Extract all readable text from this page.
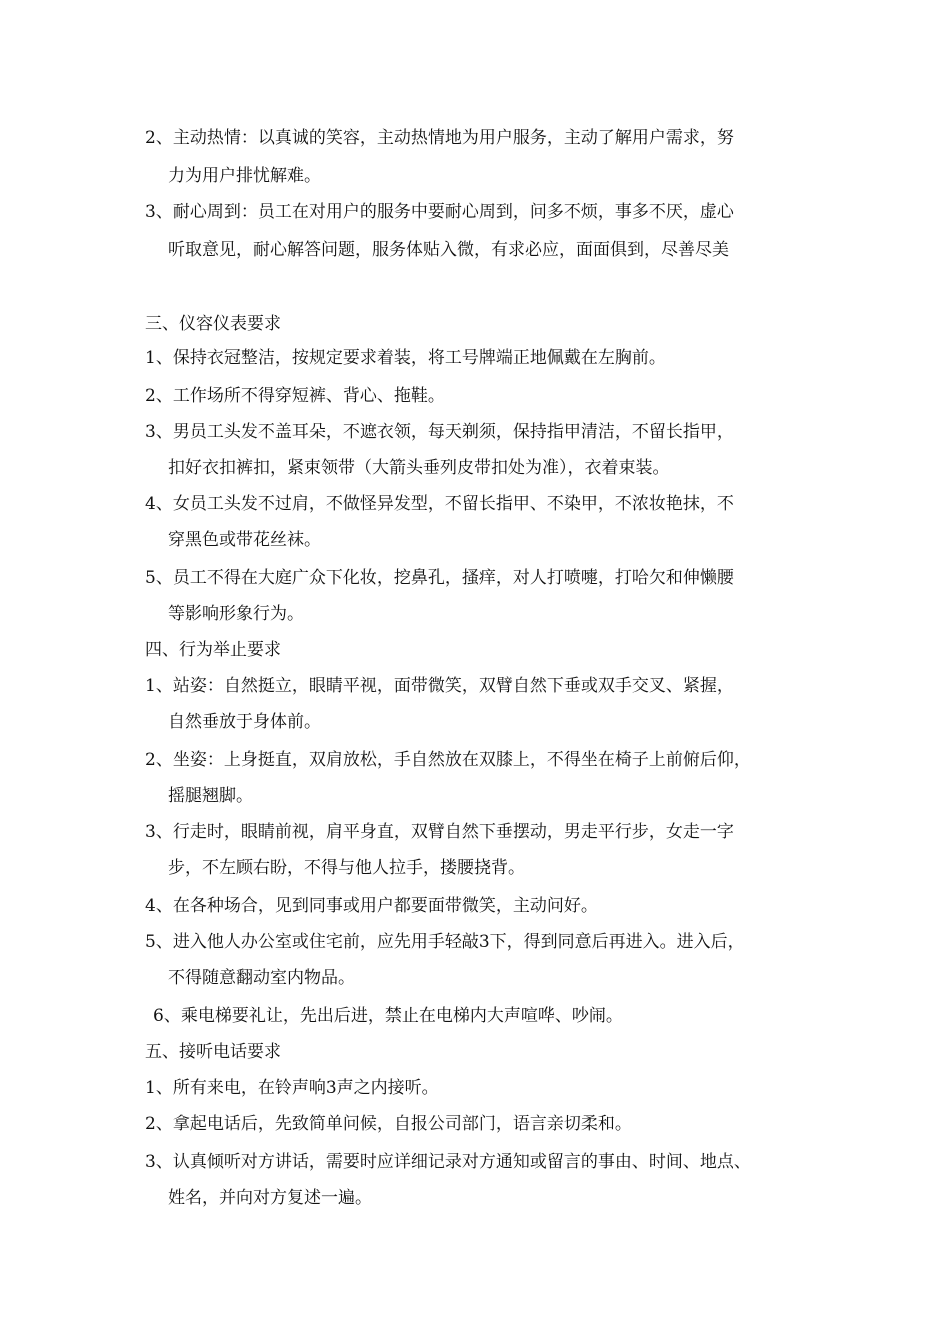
2、主动热情：以真诚的笑容，主动热情地为用户服务，主动了解用户需求，努
力为用户排忧解难。
3、耐心周到：员工在对用户的服务中要耐心周到，问多不烦，事多不厌，虚心
听取意见，耐心解答问题，服务体贴入微，有求必应，面面俱到，尽善尽美
三、仪容仪表要求
1、保持衣冠整洁，按规定要求着装，将工号牌端正地佩戴在左胸前。
2、工作场所不得穿短裤、背心、拖鞋。
3、男员工头发不盖耳朵，不遮衣领，每天剃须，保持指甲清洁，不留长指甲，
扣好衣扣裤扣，紧束领带（大箭头垂列皮带扣处为准），衣着束装。
4、女员工头发不过肩，不做怪异发型，不留长指甲、不染甲，不浓妆艳抹，不
穿黑色或带花丝袜。
5、员工不得在大庭广众下化妆，挖鼻孔，搔痒，对人打喷嚏，打哈欠和伸懒腰
等影响形象行为。
四、行为举止要求
1、站姿：自然挺立，眼睛平视，面带微笑，双臂自然下垂或双手交叉、紧握，
自然垂放于身体前。
2、坐姿：上身挺直，双肩放松，手自然放在双膝上，不得坐在椅子上前俯后仰，
摇腿翘脚。
3、行走时，眼睛前视，肩平身直，双臂自然下垂摆动，男走平行步，女走一字
步，不左顾右盼，不得与他人拉手，搂腰挠背。
4、在各种场合，见到同事或用户都要面带微笑，主动问好。
5、进入他人办公室或住宅前，应先用手轻敲3下，得到同意后再进入。进入后，
不得随意翻动室内物品。
6、乘电梯要礼让，先出后进，禁止在电梯内大声喧哗、吵闹。
五、接听电话要求
1、所有来电，在铃声响3声之内接听。
2、拿起电话后，先致简单问候，自报公司部门，语言亲切柔和。
3、认真倾听对方讲话，需要时应详细记录对方通知或留言的事由、时间、地点、
姓名，并向对方复述一遍。
